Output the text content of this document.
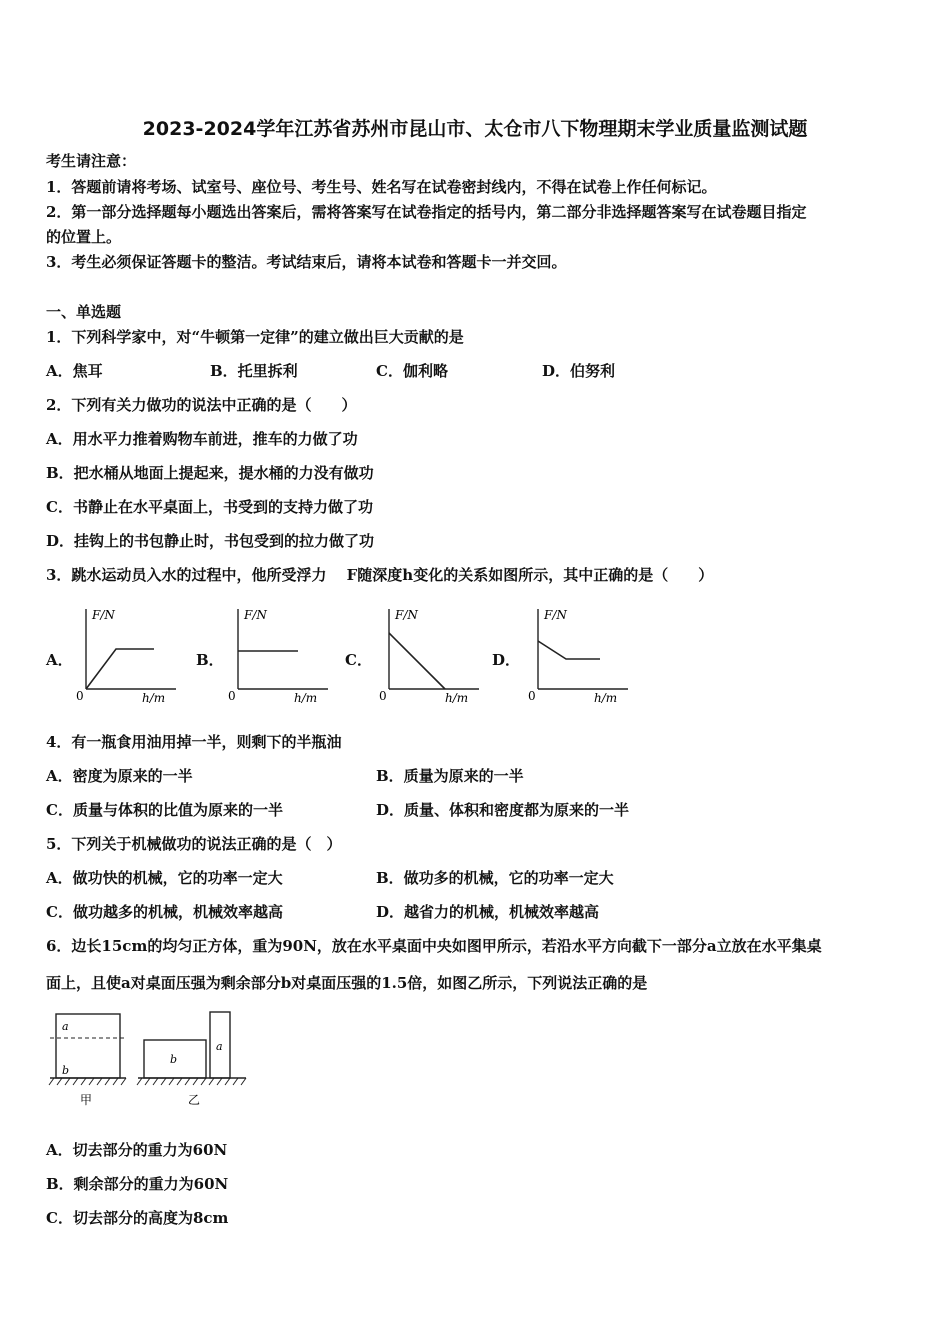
2023-2024学年江苏省苏州市昆山市、太仓市八下物理期末学业质量监测试题
考生请注意：
1．答题前请将考场、试室号、座位号、考生号、姓名写在试卷密封线内，不得在试卷上作任何标记。
2．第一部分选择题每小题选出答案后，需将答案写在试卷指定的括号内，第二部分非选择题答案写在试卷题目指定
的位置上。
3．考生必须保证答题卡的整洁。考试结束后，请将本试卷和答题卡一并交回。
一、单选题
1．下列科学家中，对“牛顿第一定律”的建立做出巨大贡献的是
A．焦耳	B．托里拆利	C．伽利略	D．伯努利
2．下列有关力做功的说法中正确的是（　　）
A．用水平力推着购物车前进，推车的力做了功
B．把水桶从地面上提起来，提水桶的力没有做功
C．书静止在水平桌面上，书受到的支持力做了功
D．挂钩上的书包静止时，书包受到的拉力做了功
3．跳水运动员入水的过程中，他所受浮力　 F随深度h变化的关系如图所示，其中正确的是（　　）
A．
F/N
0	h/m
B．
F/N
0	h/m
C．
F/N
0	h/m
D．
F/N
0	h/m
4．有一瓶食用油用掉一半，则剩下的半瓶油
A．密度为原来的一半	B．质量为原来的一半
C．质量与体积的比值为原来的一半	D．质量、体积和密度都为原来的一半
5．下列关于机械做功的说法正确的是（　）
A．做功快的机械，它的功率一定大	B．做功多的机械，它的功率一定大
C．做功越多的机械，机械效率越高	D．越省力的机械，机械效率越高
6．边长15cm的均匀正方体，重为90N，放在水平桌面中央如图甲所示，若沿水平方向截下一部分a立放在水平集桌
面上，且使a对桌面压强为剩余部分b对桌面压强的1.5倍，如图乙所示，下列说法正确的是
a
b
甲
b
a
乙
A．切去部分的重力为60N
B．剩余部分的重力为60N
C．切去部分的高度为8cm
